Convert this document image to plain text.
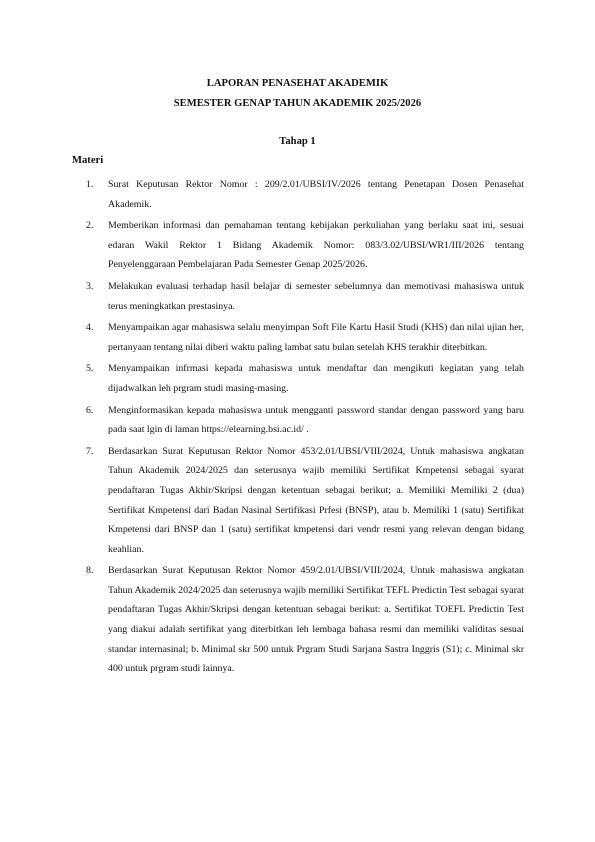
LAPORAN PENASEHAT AKADEMIK
SEMESTER GENAP TAHUN AKADEMIK 2025/2026
Tahap 1
Materi
1. Surat Keputusan Rektor Nomor : 209/2.01/UBSI/IV/2026 tentang Penetapan Dosen Penasehat Akademik.
2. Memberikan informasi dan pemahaman tentang kebijakan perkuliahan yang berlaku saat ini, sesuai edaran Wakil Rektor 1 Bidang Akademik Nomor: 083/3.02/UBSI/WR1/III/2026 tentang Penyelenggaraan Pembelajaran Pada Semester Genap 2025/2026.
3. Melakukan evaluasi terhadap hasil belajar di semester sebelumnya dan memotivasi mahasiswa untuk terus meningkatkan prestasinya.
4. Menyampaikan agar mahasiswa selalu menyimpan Soft File Kartu Hasil Studi (KHS) dan nilai ujian her, pertanyaan tentang nilai diberi waktu paling lambat satu bulan setelah KHS terakhir diterbitkan.
5. Menyampaikan infrmasi kepada mahasiswa untuk mendaftar dan mengikuti kegiatan yang telah dijadwalkan leh prgram studi masing-masing.
6. Menginformasikan kepada mahasiswa untuk mengganti password standar dengan password yang baru pada saat lgin di laman https://elearning.bsi.ac.id/ .
7. Berdasarkan Surat Keputusan Rektor Nomor 453/2.01/UBSI/VIII/2024, Untuk mahasiswa angkatan Tahun Akademik 2024/2025 dan seterusnya wajib memiliki Sertifikat Kmpetensi sebagai syarat pendaftaran Tugas Akhir/Skripsi dengan ketentuan sebagai berikut; a. Memiliki Memiliki 2 (dua) Sertifikat Kmpetensi dari Badan Nasinal Sertifikasi Prfesi (BNSP), atau b. Memiliki 1 (satu) Sertifikat Kmpetensi dari BNSP dan 1 (satu) sertifikat kmpetensi dari vendr resmi yang relevan dengan bidang keahlian.
8. Berdasarkan Surat Keputusan Rektor Nomor 459/2.01/UBSI/VIII/2024, Untuk mahasiswa angkatan Tahun Akademik 2024/2025 dan seterusnya wajib memiliki Sertifikat TEFL Predictin Test sebagai syarat pendaftaran Tugas Akhir/Skripsi dengan ketentuan sebagai berikut: a. Sertifikat TOEFL Predictin Test yang diakui adalah sertifikat yang diterbitkan leh lembaga bahasa resmi dan memiliki validitas sesuai standar internasinal; b. Minimal skr 500 untuk Prgram Studi Sarjana Sastra Inggris (S1); c. Minimal skr 400 untuk prgram studi lainnya.
